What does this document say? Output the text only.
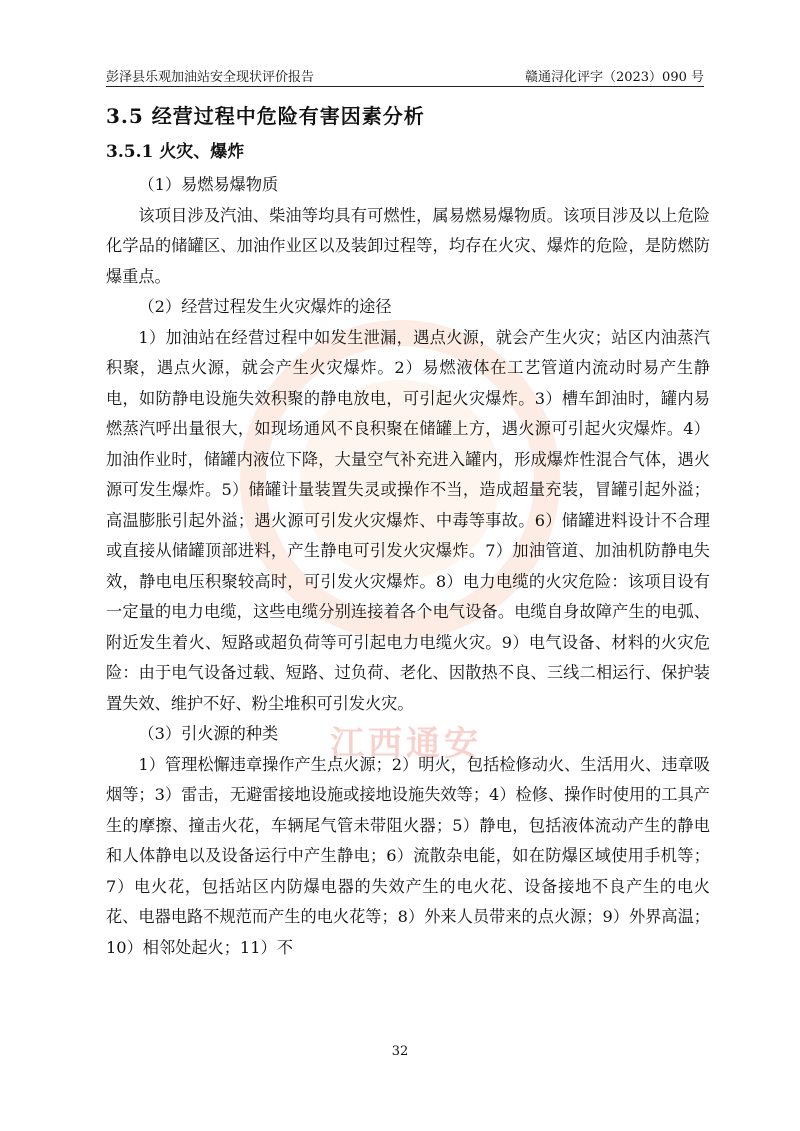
江西通安
彭泽县乐观加油站安全现状评价报告	赣通浔化评字（2023）090 号
3.5 经营过程中危险有害因素分析
3.5.1 火灾、爆炸

（1）易燃易爆物质

该项目涉及汽油、柴油等均具有可燃性，属易燃易爆物质。该项目涉及以上危险化学品的储罐区、加油作业区以及装卸过程等，均存在火灾、爆炸的危险，是防燃防爆重点。

（2）经营过程发生火灾爆炸的途径

1）加油站在经营过程中如发生泄漏，遇点火源，就会产生火灾；站区内油蒸汽积聚，遇点火源，就会产生火灾爆炸。2）易燃液体在工艺管道内流动时易产生静电，如防静电设施失效积聚的静电放电，可引起火灾爆炸。3）槽车卸油时，罐内易燃蒸汽呼出量很大，如现场通风不良积聚在储罐上方，遇火源可引起火灾爆炸。4）加油作业时，储罐内液位下降，大量空气补充进入罐内，形成爆炸性混合气体，遇火源可发生爆炸。5）储罐计量装置失灵或操作不当，造成超量充装，冒罐引起外溢；高温膨胀引起外溢；遇火源可引发火灾爆炸、中毒等事故。6）储罐进料设计不合理或直接从储罐顶部进料，产生静电可引发火灾爆炸。7）加油管道、加油机防静电失效，静电电压积聚较高时，可引发火灾爆炸。8）电力电缆的火灾危险：该项目设有一定量的电力电缆，这些电缆分别连接着各个电气设备。电缆自身故障产生的电弧、附近发生着火、短路或超负荷等可引起电力电缆火灾。9）电气设备、材料的火灾危险：由于电气设备过载、短路、过负荷、老化、因散热不良、三线二相运行、保护装置失效、维护不好、粉尘堆积可引发火灾。

（3）引火源的种类

1）管理松懈违章操作产生点火源；2）明火，包括检修动火、生活用火、违章吸烟等；3）雷击，无避雷接地设施或接地设施失效等；4）检修、操作时使用的工具产生的摩擦、撞击火花，车辆尾气管未带阻火器；5）静电，包括液体流动产生的静电和人体静电以及设备运行中产生静电；6）流散杂电能，如在防爆区域使用手机等；7）电火花，包括站区内防爆电器的失效产生的电火花、设备接地不良产生的电火花、电器电路不规范而产生的电火花等；8）外来人员带来的点火源；9）外界高温；10）相邻处起火；11）不

32
